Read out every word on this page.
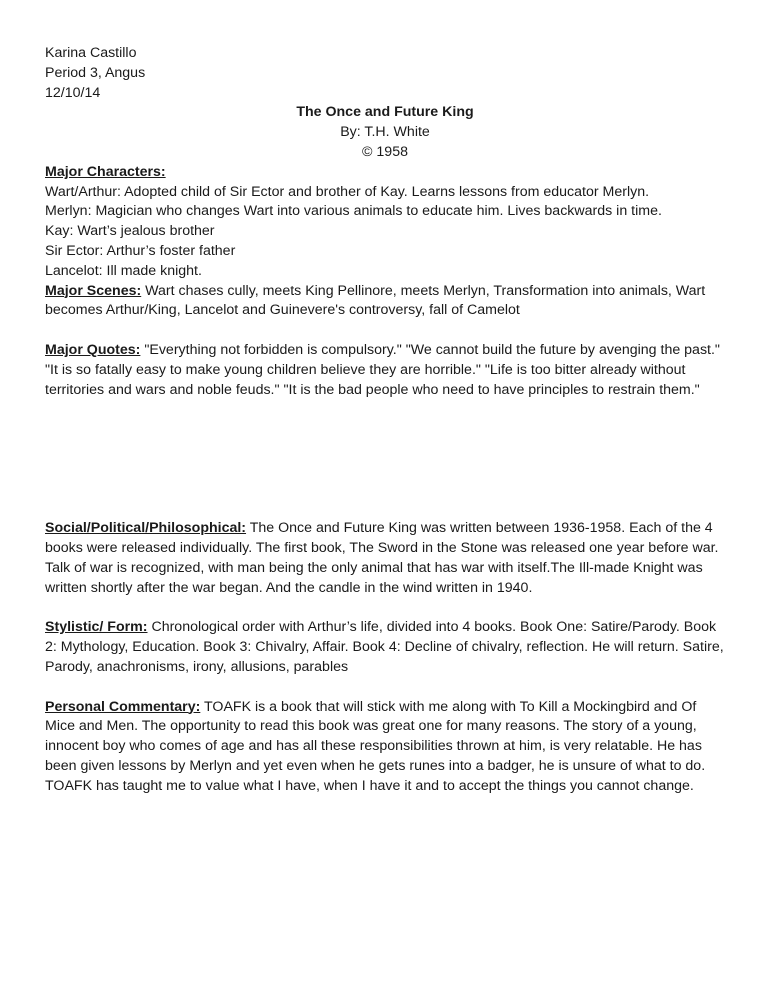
Karina Castillo
Period 3, Angus
12/10/14
The Once and Future King
By: T.H. White
© 1958
Major Characters:
Wart/Arthur: Adopted child of Sir Ector and brother of Kay. Learns lessons from educator Merlyn.
Merlyn: Magician who changes Wart into various animals to educate him. Lives backwards in time.
Kay: Wart’s jealous brother
Sir Ector: Arthur’s foster father
Lancelot: Ill made knight.
Major Scenes: Wart chases cully, meets King Pellinore, meets Merlyn, Transformation into animals, Wart becomes Arthur/King, Lancelot and Guinevere's controversy, fall of Camelot
Major Quotes: "Everything not forbidden is compulsory." "We cannot build the future by avenging the past." "It is so fatally easy to make young children believe they are horrible." "Life is too bitter already without territories and wars and noble feuds." "It is the bad people who need to have principles to restrain them."
Social/Political/Philosophical: The Once and Future King was written between 1936-1958. Each of the 4 books were released individually. The first book, The Sword in the Stone was released one year before war. Talk of war is recognized, with man being the only animal that has war with itself.The Ill-made Knight was written shortly after the war began. And the candle in the wind written in 1940.
Stylistic/ Form: Chronological order with Arthur’s life, divided into 4 books. Book One: Satire/Parody. Book 2: Mythology, Education. Book 3: Chivalry, Affair. Book 4: Decline of chivalry, reflection. He will return. Satire, Parody, anachronisms, irony, allusions, parables
Personal Commentary: TOAFK is a book that will stick with me along with To Kill a Mockingbird and Of Mice and Men. The opportunity to read this book was great one for many reasons. The story of a young, innocent boy who comes of age and has all these responsibilities thrown at him, is very relatable. He has been given lessons by Merlyn and yet even when he gets runes into a badger, he is unsure of what to do. TOAFK has taught me to value what I have, when I have it and to accept the things you cannot change.
